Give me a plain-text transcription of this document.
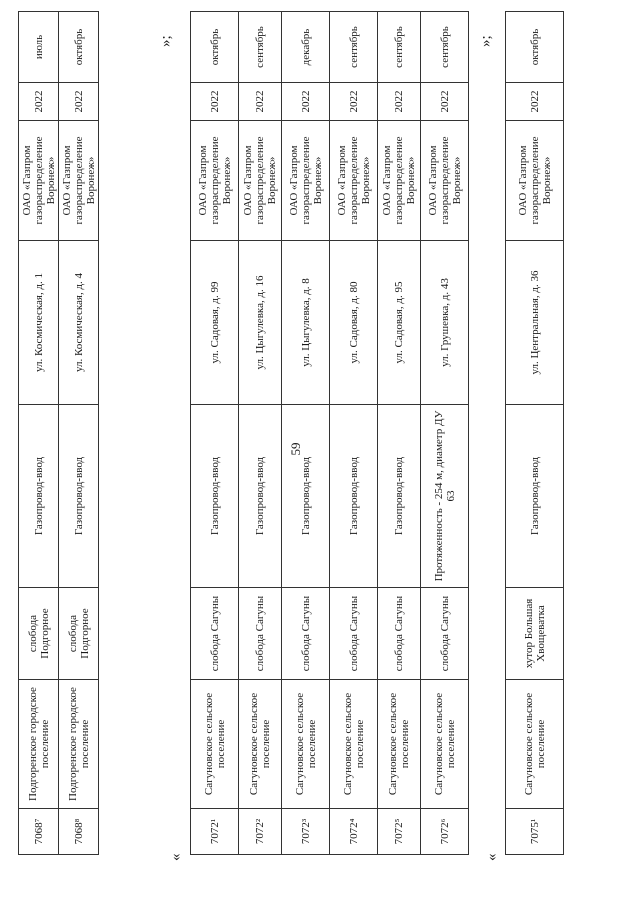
59
7068⁷	Подгоренское городское поселение	слобода Подгорное	Газопровод-ввод	ул. Космическая, д. 1	ОАО «Газпром газораспределение Воронеж»	2022	июль
7068⁸	Подгоренское городское поселение	слобода Подгорное	Газопровод-ввод	ул. Космическая, д. 4	ОАО «Газпром газораспределение Воронеж»	2022	октябрь	»;
«
7072¹	Сагуновское сельское поселение	слобода Сагуны	Газопровод-ввод	ул. Садовая, д. 99	ОАО «Газпром газораспределение Воронеж»	2022	октябрь
7072²	Сагуновское сельское поселение	слобода Сагуны	Газопровод-ввод	ул. Цыгулевка, д. 16	ОАО «Газпром газораспределение Воронеж»	2022	сентябрь
7072³	Сагуновское сельское поселение	слобода Сагуны	Газопровод-ввод	ул. Цыгулевка, д. 8	ОАО «Газпром газораспределение Воронеж»	2022	декабрь
7072⁴	Сагуновское сельское поселение	слобода Сагуны	Газопровод-ввод	ул. Садовая, д. 80	ОАО «Газпром газораспределение Воронеж»	2022	сентябрь
7072⁵	Сагуновское сельское поселение	слобода Сагуны	Газопровод-ввод	ул. Садовая, д. 95	ОАО «Газпром газораспределение Воронеж»	2022	сентябрь
7072⁶	Сагуновское сельское поселение	слобода Сагуны	Протяженность - 254 м, диаметр ДУ 63	ул. Грушевка, д. 43	ОАО «Газпром газораспределение Воронеж»	2022	сентябрь »;
«
7075¹	Сагуновское сельское поселение	хутор Большая Хвощеватка	Газопровод-ввод	ул. Центральная, д. 36	ОАО «Газпром газораспределение Воронеж»	2022	октябрь
